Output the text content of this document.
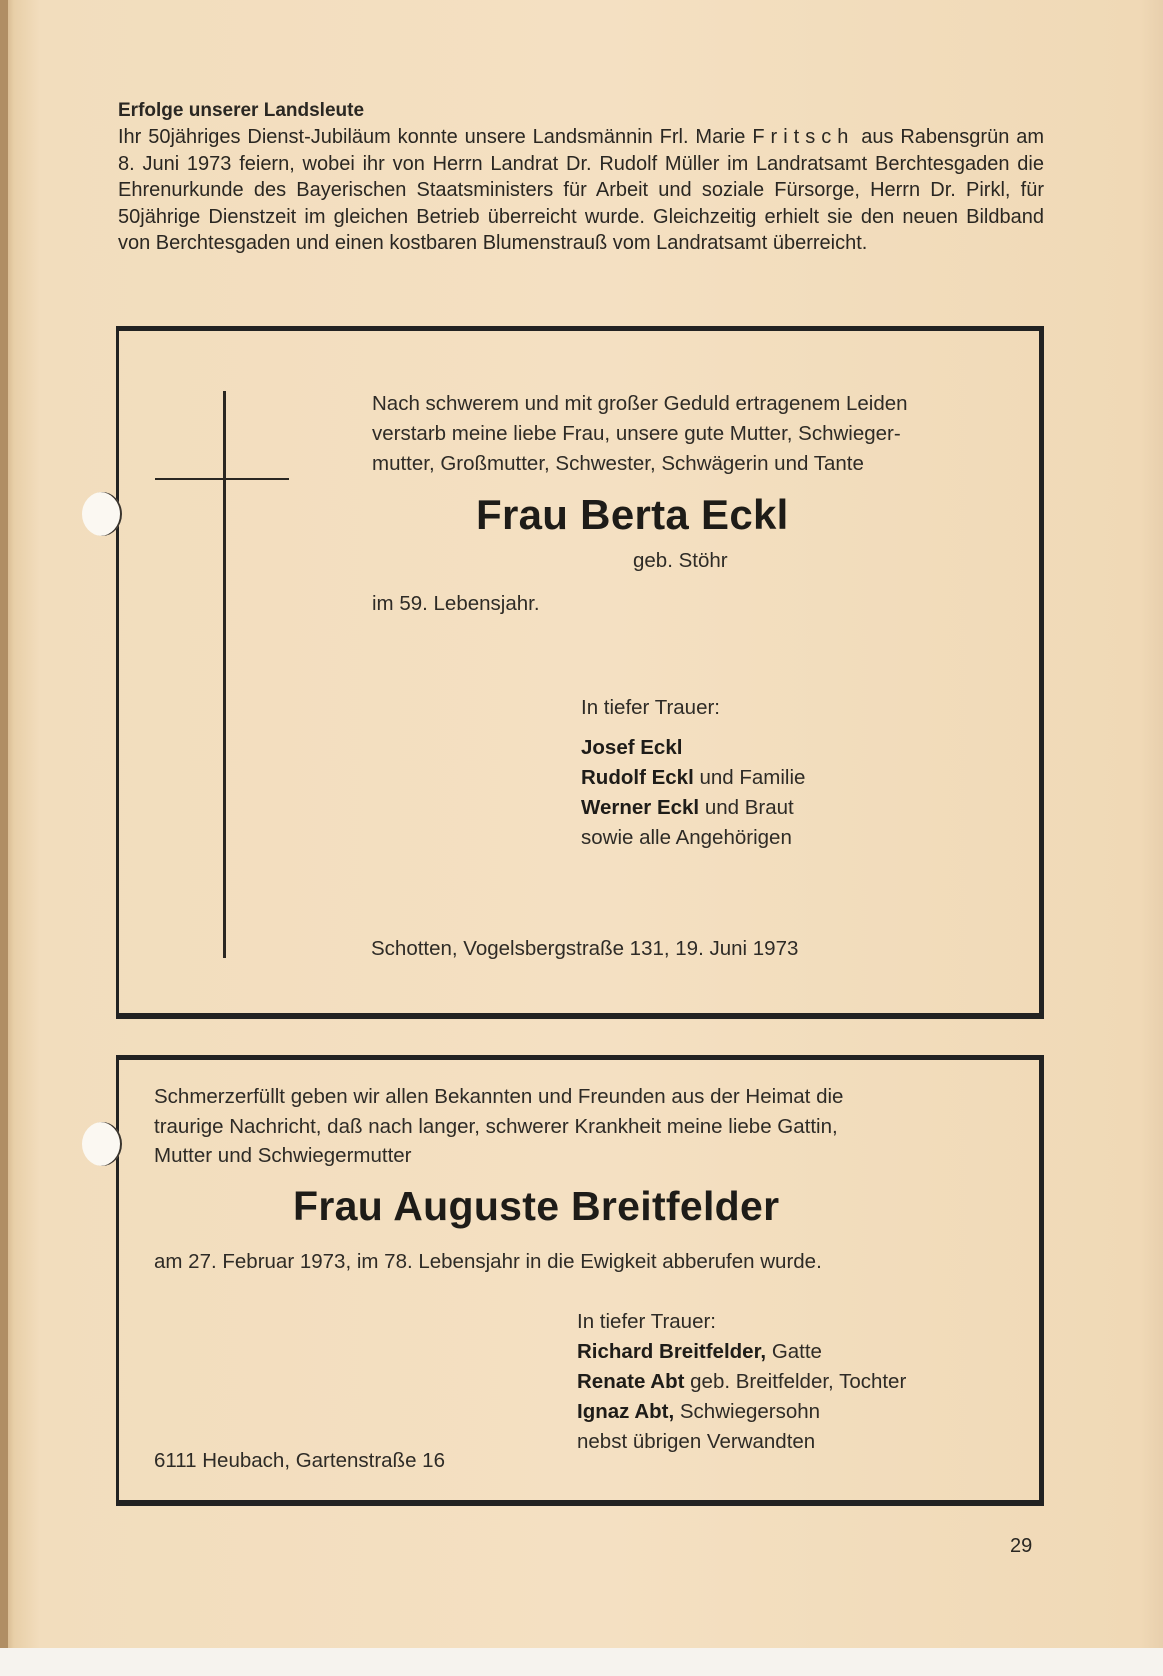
Erfolge unserer Landsleute

Ihr 50jähriges Dienst-Jubiläum konnte unsere Landsmännin Frl. Marie Fritsch aus Rabensgrün am 8. Juni 1973 feiern, wobei ihr von Herrn Landrat Dr. Rudolf Müller im Landratsamt Berchtesgaden die Ehrenurkunde des Bayerischen Staatsministers für Arbeit und soziale Fürsorge, Herrn Dr. Pirkl, für 50jährige Dienstzeit im gleichen Betrieb überreicht wurde. Gleichzeitig erhielt sie den neuen Bildband von Berchtesgaden und einen kostbaren Blumenstrauß vom Landratsamt überreicht.

Nach schwerem und mit großer Geduld ertragenem Leiden
verstarb meine liebe Frau, unsere gute Mutter, Schwieger-
mutter, Großmutter, Schwester, Schwägerin und Tante
Frau Berta Eckl
geb. Stöhr
im 59. Lebensjahr.
In tiefer Trauer:
Josef Eckl
Rudolf Eckl und Familie
Werner Eckl und Braut
sowie alle Angehörigen
Schotten, Vogelsbergstraße 131, 19. Juni 1973
Schmerzerfüllt geben wir allen Bekannten und Freunden aus der Heimat die
traurige Nachricht, daß nach langer, schwerer Krankheit meine liebe Gattin,
Mutter und Schwiegermutter
Frau Auguste Breitfelder
am 27. Februar 1973, im 78. Lebensjahr in die Ewigkeit abberufen wurde.
In tiefer Trauer:
Richard Breitfelder, Gatte
Renate Abt geb. Breitfelder, Tochter
Ignaz Abt, Schwiegersohn
nebst übrigen Verwandten
6111 Heubach, Gartenstraße 16
29
